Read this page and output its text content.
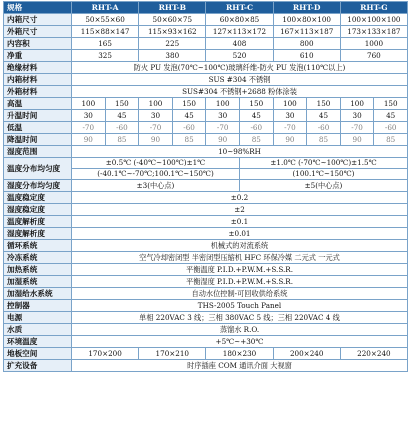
规格	RHT-A		RHT-B		RHT-C		RHT-D		RHT-G	
内箱尺寸	50×55×60		50×60×75		60×80×85		100×80×100		100×100×100	
外箱尺寸	115×88×147		115×93×162		127×113×172		167×113×187		173×133×187	
内容积	165		225		408		800		1000	
净重	325		380		520		610		760	
绝缘材料	防火 PU 发泡(70℃~100℃)玻璃纤维-防火 PU 发泡(110℃以上)									
内箱材料	SUS #304 不锈钢									
外箱材料	SUS#304 不锈钢+2688 粉体涂装									
高温	100	150	100	150	100	150	100	150	100	150
升温时间	30	45	30	45	30	45	30	45	30	45
低温	-70	-60	-70	-60	-70	-60	-70	-60	-70	-60
降温时间	90	85	90	85	90	85	90	85	90	85
湿度范围	10~98%RH									
温度分布均匀度	±0.5℃ (-40℃~100℃)±1℃					±1.0℃ (-70℃~100℃)±1.5℃				
	(-40.1℃~-70℃;100.1℃~150℃)					(100.1℃~150℃)				
湿度分布均匀度	±3(中心点)					±5(中心点)				
温度稳定度	±0.2									
湿度稳定度	±2									
温度解析度	±0.1									
湿度解析度	±0.01									
循环系统	机械式的对流系统									
冷冻系统	空气冷却密闭型 半密闭型压缩机 HFC 环保冷媒 二元式 一元式									
加热系统	平衡温度 P.I.D.+P.W.M.+S.S.R.									
加湿系统	平衡湿度 P.I.D.+P.W.M.+S.S.R.									
加湿给水系统	自动水位控制-可回收供给系统									
控制器	THS-2005 Touch Panel									
电源	单相 220VAC 3 线；三相 380VAC 5 线；三相 220VAC 4 线									
水质	蒸馏水 R.O.									
环境温度	+5℃~+30℃									
地板空间	170×200		170×210		180×230		200×240		220×240	
扩充设备	时序插座 COM 通讯介面 大视窗									
